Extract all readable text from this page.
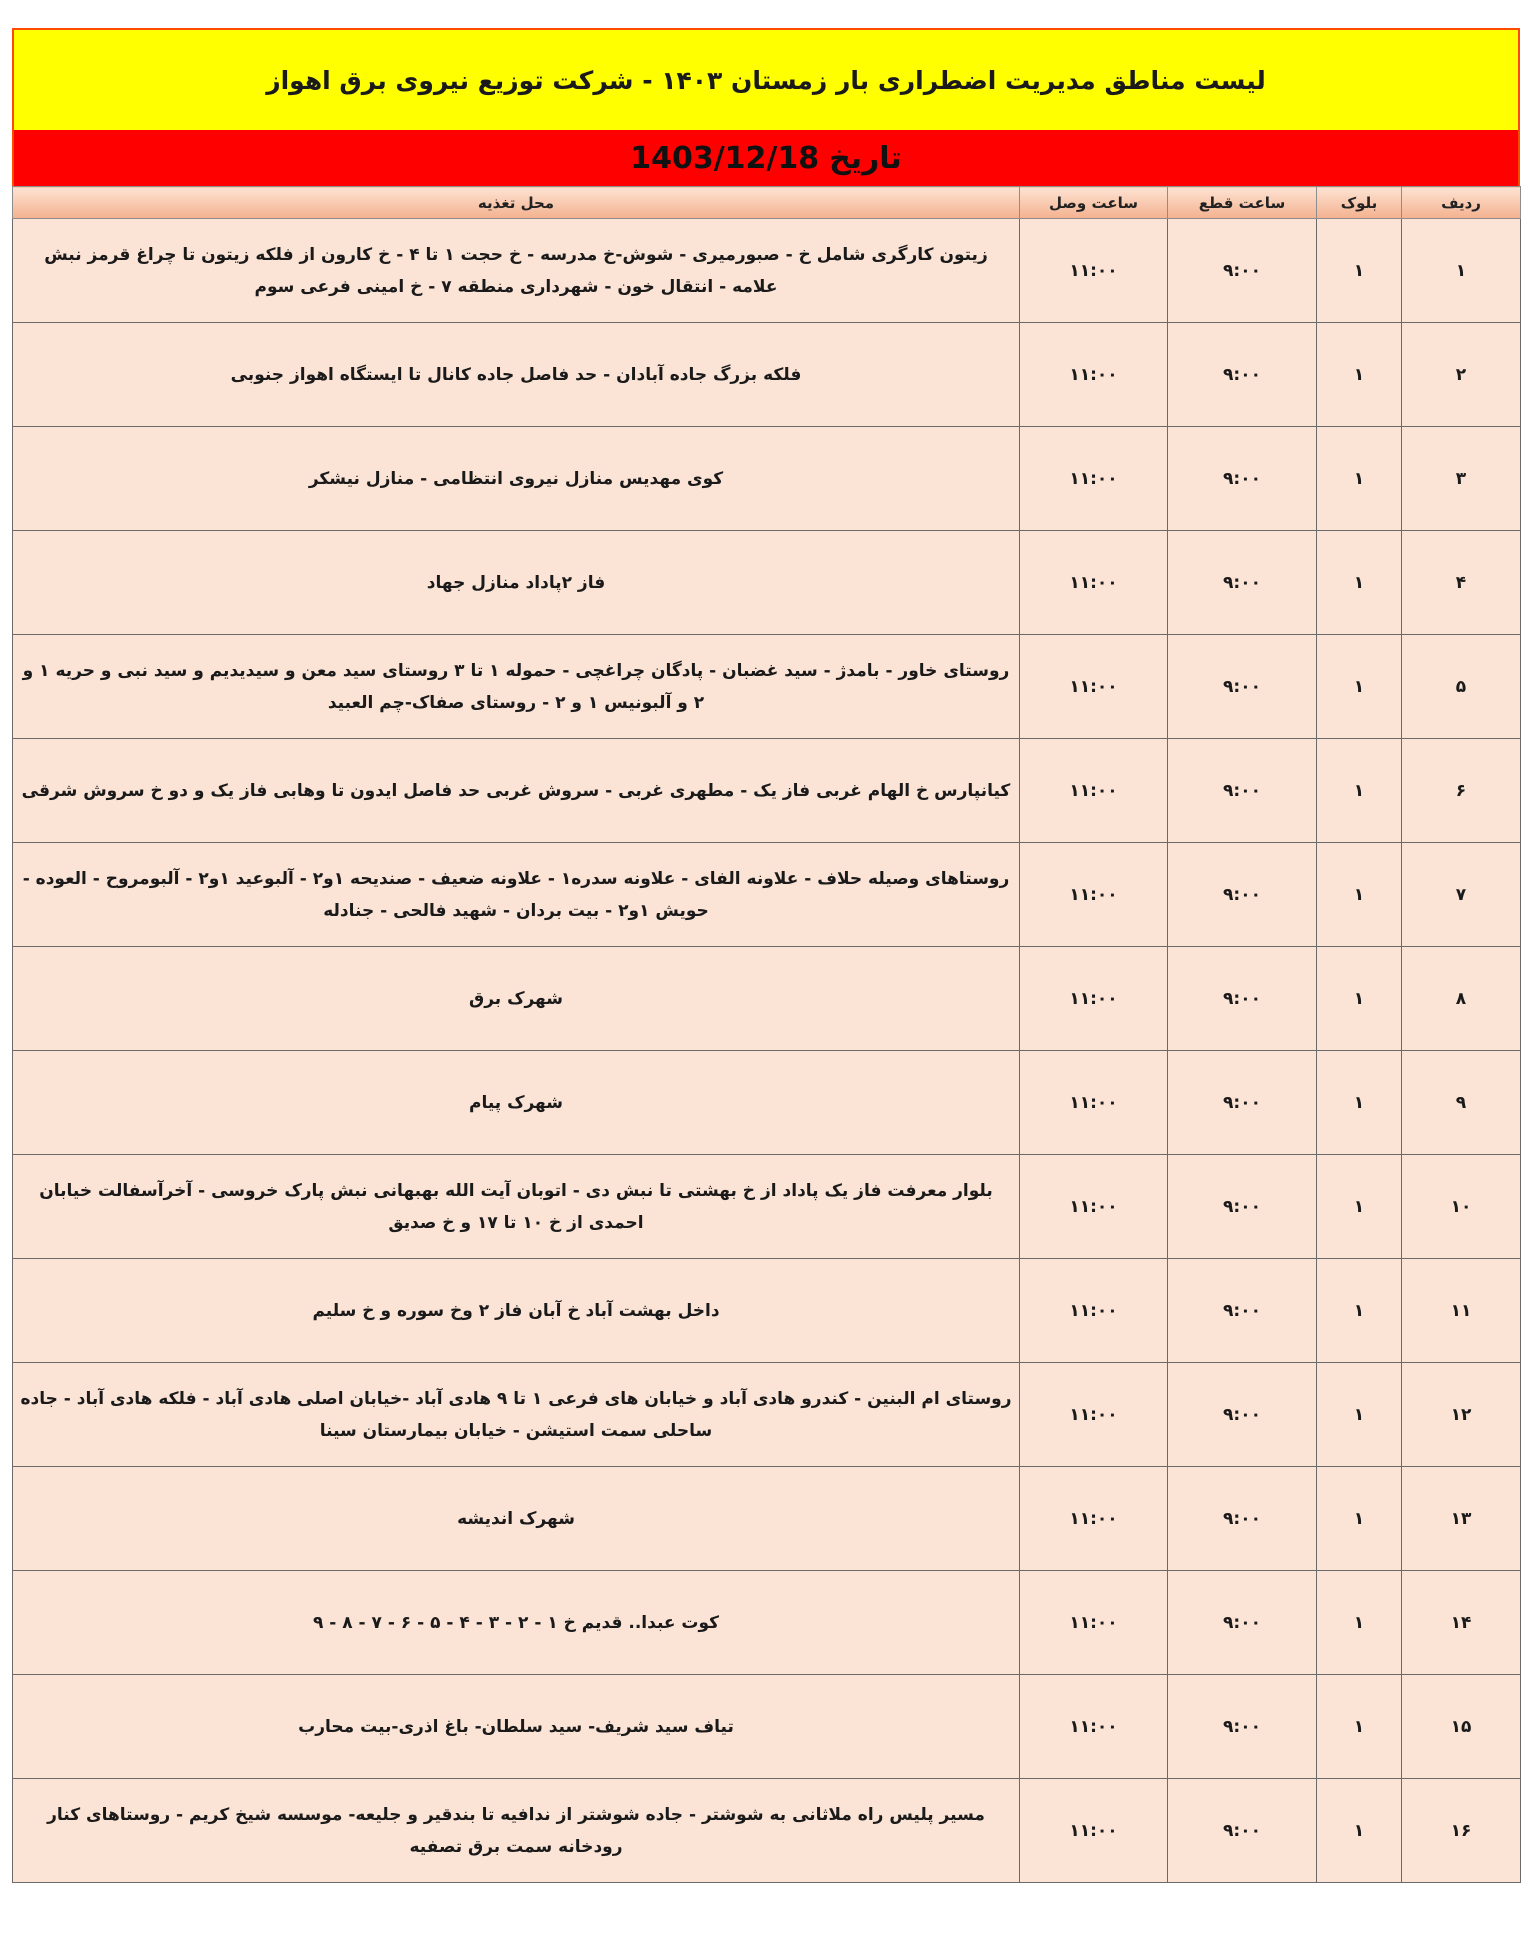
لیست مناطق مدیریت اضطراری بار زمستان ۱۴۰۳ - شرکت توزیع نیروی برق اهواز
تاریخ
1403/12/18
ردیف	بلوک	ساعت قطع	ساعت وصل	محل تغذیه
۱	۱	۹:۰۰	۱۱:۰۰	زیتون کارگری شامل خ - صبورمیری - شوش-خ مدرسه - خ حجت ۱ تا ۴ - خ کارون از فلکه زیتون تا چراغ قرمز نبش علامه - انتقال خون - شهرداری منطقه ۷ - خ امینی فرعی سوم
۲	۱	۹:۰۰	۱۱:۰۰	فلکه بزرگ جاده آبادان - حد فاصل جاده کانال تا ایستگاه اهواز جنوبی
۳	۱	۹:۰۰	۱۱:۰۰	کوی مهدیس منازل نیروی انتظامی - منازل نیشکر
۴	۱	۹:۰۰	۱۱:۰۰	فاز ۲پاداد منازل جهاد
۵	۱	۹:۰۰	۱۱:۰۰	روستای خاور - بامدژ - سید غضبان - پادگان چراغچی - حموله ۱ تا ۳ روستای سید معن و سیدیدیم و سید نبی و حریه ۱ و ۲ و آلبونیس ۱ و ۲ - روستای صفاک-چم العبید
۶	۱	۹:۰۰	۱۱:۰۰	کیانپارس خ الهام غربی فاز یک - مطهری غربی - سروش غربی حد فاصل ایدون تا وهابی فاز یک و دو خ سروش شرقی
۷	۱	۹:۰۰	۱۱:۰۰	روستاهای وصیله حلاف - علاونه الفای - علاونه سدره۱ - علاونه ضعیف - صندیحه ۱و۲ - آلبوعید ۱و۲ - آلبومروح - العوده - حویش ۱و۲ - بیت بردان - شهید فالحی - جنادله
۸	۱	۹:۰۰	۱۱:۰۰	شهرک برق
۹	۱	۹:۰۰	۱۱:۰۰	شهرک پیام
۱۰	۱	۹:۰۰	۱۱:۰۰	بلوار معرفت فاز یک پاداد از خ بهشتی تا نبش دی - اتوبان آیت الله بهبهانی نبش پارک خروسی - آخرآسفالت خیابان احمدی از خ ۱۰ تا ۱۷ و خ صدیق
۱۱	۱	۹:۰۰	۱۱:۰۰	داخل بهشت آباد خ آبان فاز ۲ وخ سوره و خ سلیم
۱۲	۱	۹:۰۰	۱۱:۰۰	روستای ام البنین - کندرو هادی آباد و خیابان های فرعی ۱ تا ۹ هادی آباد -خیابان اصلی هادی آباد - فلکه هادی آباد - جاده ساحلی سمت استیشن - خیابان بیمارستان سینا
۱۳	۱	۹:۰۰	۱۱:۰۰	شهرک اندیشه
۱۴	۱	۹:۰۰	۱۱:۰۰	کوت عبدا.. قدیم خ ۱ - ۲ - ۳ - ۴ - ۵ - ۶ - ۷ - ۸ - ۹
۱۵	۱	۹:۰۰	۱۱:۰۰	تیاف سید شریف- سید سلطان- باغ اذری-بیت محارب
۱۶	۱	۹:۰۰	۱۱:۰۰	مسیر پلیس راه ملاثانی به شوشتر - جاده شوشتر از ندافیه تا بندقیر و جلیعه- موسسه شیخ کریم - روستاهای کنار رودخانه سمت برق تصفیه
